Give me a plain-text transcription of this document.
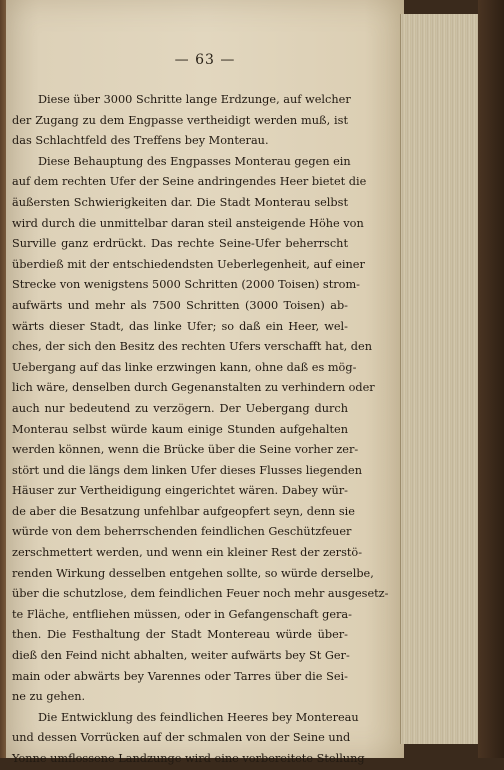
— 63 —
Diese über 3000 Schritte lange Erdzunge, auf welcher
der Zugang zu dem Engpasse vertheidigt werden muß, ist
das Schlachtfeld des Treffens bey Monterau.
Diese Behauptung des Engpasses Monterau gegen ein
auf dem rechten Ufer der Seine andringendes Heer bietet die
äußersten Schwierigkeiten dar. Die Stadt Monterau selbst
wird durch die unmittelbar daran steil ansteigende Höhe von
Surville ganz erdrückt. Das rechte Seine-Ufer beherrscht
überdieß mit der entschiedendsten Ueberlegenheit, auf einer
Strecke von wenigstens 5000 Schritten (2000 Toisen) strom-
aufwärts und mehr als 7500 Schritten (3000 Toisen) ab-
wärts dieser Stadt, das linke Ufer; so daß ein Heer, wel-
ches, der sich den Besitz des rechten Ufers verschafft hat, den
Uebergang auf das linke erzwingen kann, ohne daß es mög-
lich wäre, denselben durch Gegenanstalten zu verhindern oder
auch nur bedeutend zu verzögern. Der Uebergang durch
Monterau selbst würde kaum einige Stunden aufgehalten
werden können, wenn die Brücke über die Seine vorher zer-
stört und die längs dem linken Ufer dieses Flusses liegenden
Häuser zur Vertheidigung eingerichtet wären. Dabey wür-
de aber die Besatzung unfehlbar aufgeopfert seyn, denn sie
würde von dem beherrschenden feindlichen Geschützfeuer
zerschmettert werden, und wenn ein kleiner Rest der zerstö-
renden Wirkung desselben entgehen sollte, so würde derselbe,
über die schutzlose, dem feindlichen Feuer noch mehr ausgesetz-
te Fläche, entfliehen müssen, oder in Gefangenschaft gera-
then. Die Festhaltung der Stadt Montereau würde über-
dieß den Feind nicht abhalten, weiter aufwärts bey St Ger-
main oder abwärts bey Varennes oder Tarres über die Sei-
ne zu gehen.
Die Entwicklung des feindlichen Heeres bey Montereau
und dessen Vorrücken auf der schmalen von der Seine und
Yonne umflossene Landzunge wird eine vorbereitete Stellung
